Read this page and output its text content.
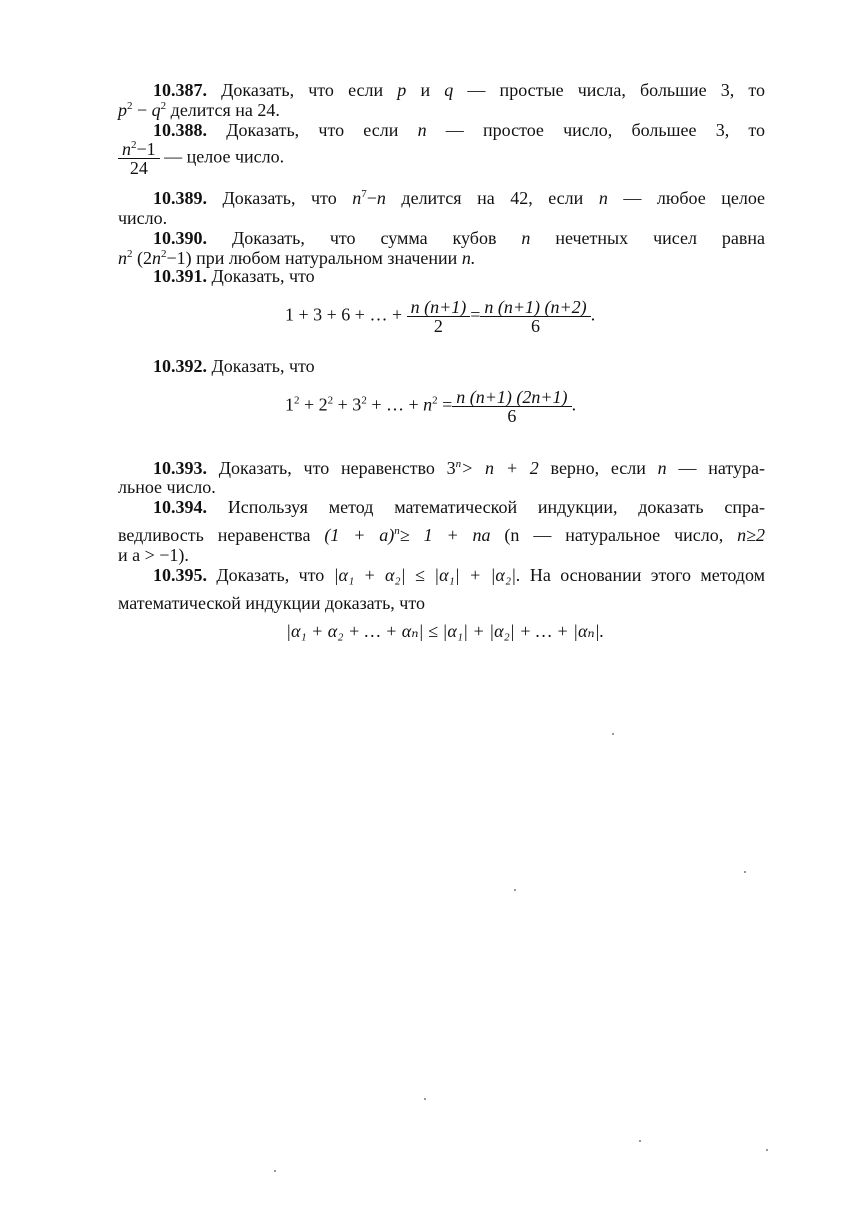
10.387. Доказать, что если p и q — простые числа, большие 3, то
$p^2 - q^2$ делится на 24.
10.388. Доказать, что если n — простое число, большее 3, то
$\frac{n^2-1}{24}$ — целое число.
10.389. Доказать, что $n^7-n$ делится на 42, если n — любое целое
число.
10.390. Доказать, что сумма кубов n нечетных чисел равна
$n^2$ $(2n^2-1)$ при любом натуральном значении n.
10.391. Доказать, что
1 + 3 + 6 + … + $\frac{n (n+1)}{2} = \frac{n (n+1) (n+2)}{6}$ .
10.392. Доказать, что
$1^2 + 2^2 + 3^2$ + … + $n^2 = \frac{n (n+1) (2n+1)}{6}$ .
10.393. Доказать, что неравенство $3^n> n + 2$ верно, если n — натура-
льное число.
10.394. Используя метод математической индукции, доказать спра-
ведливость неравенства $(1 + a)^n\ge 1$ + na (n — натуральное число, n≥2
и a > −1).
10.395. Доказать, что |α₁ + α₂| ≤ |α₁| + |α₂|. На основании этого методом
математической индукции доказать, что
|α₁ + α₂ + … + αₙ| ≤ |α₁| + |α₂| + … + |αₙ|.
